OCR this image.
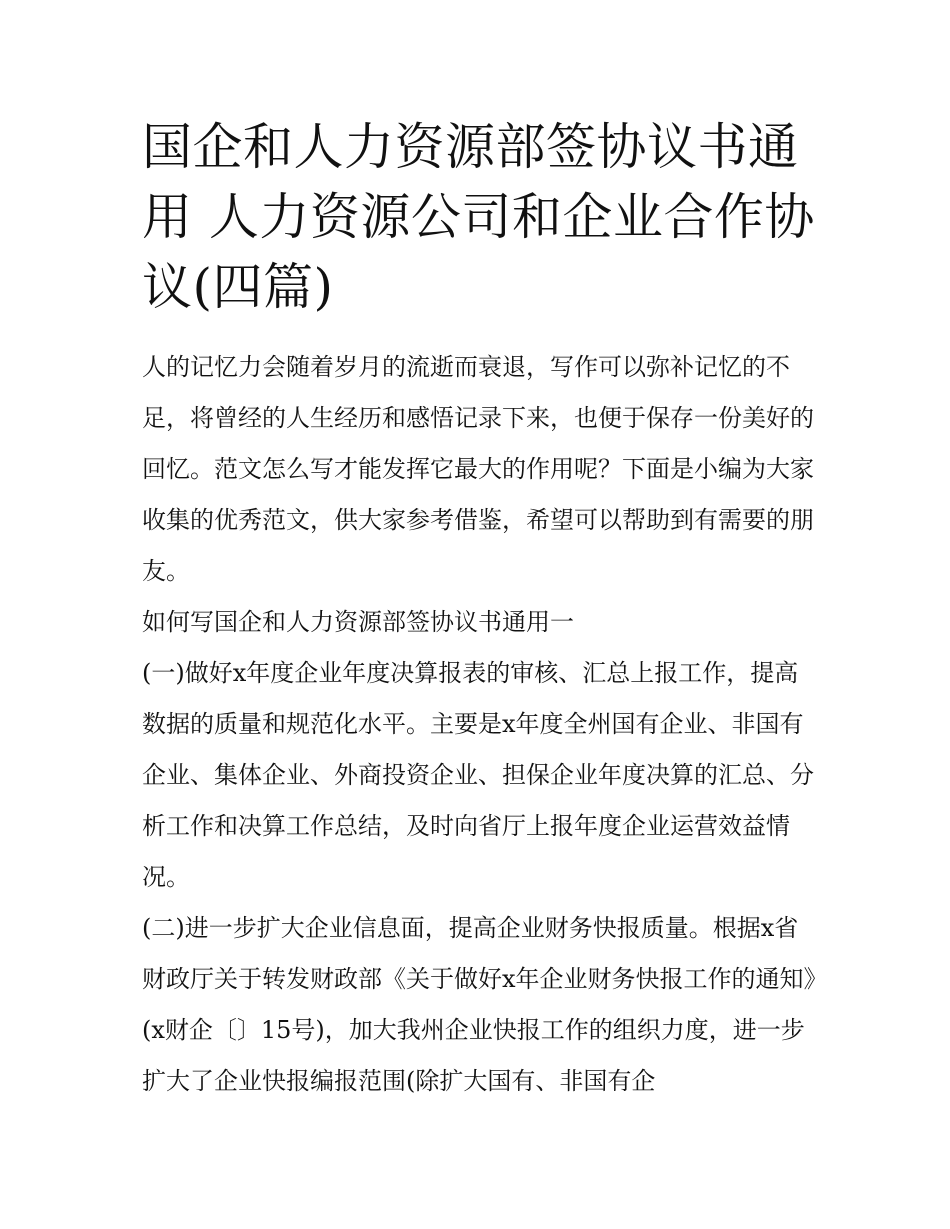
国企和人力资源部签协议书通用 人力资源公司和企业合作协议(四篇)

人的记忆力会随着岁月的流逝而衰退，写作可以弥补记忆的不足，将曾经的人生经历和感悟记录下来，也便于保存一份美好的回忆。范文怎么写才能发挥它最大的作用呢？下面是小编为大家收集的优秀范文，供大家参考借鉴，希望可以帮助到有需要的朋友。

如何写国企和人力资源部签协议书通用一

(一)做好x年度企业年度决算报表的审核、汇总上报工作，提高数据的质量和规范化水平。主要是x年度全州国有企业、非国有企业、集体企业、外商投资企业、担保企业年度决算的汇总、分析工作和决算工作总结，及时向省厅上报年度企业运营效益情况。

(二)进一步扩大企业信息面，提高企业财务快报质量。根据x省财政厅关于转发财政部《关于做好x年企业财务快报工作的通知》(x财企〔〕15号)，加大我州企业快报工作的组织力度，进一步扩大了企业快报编报范围(除扩大国有、非国有企
